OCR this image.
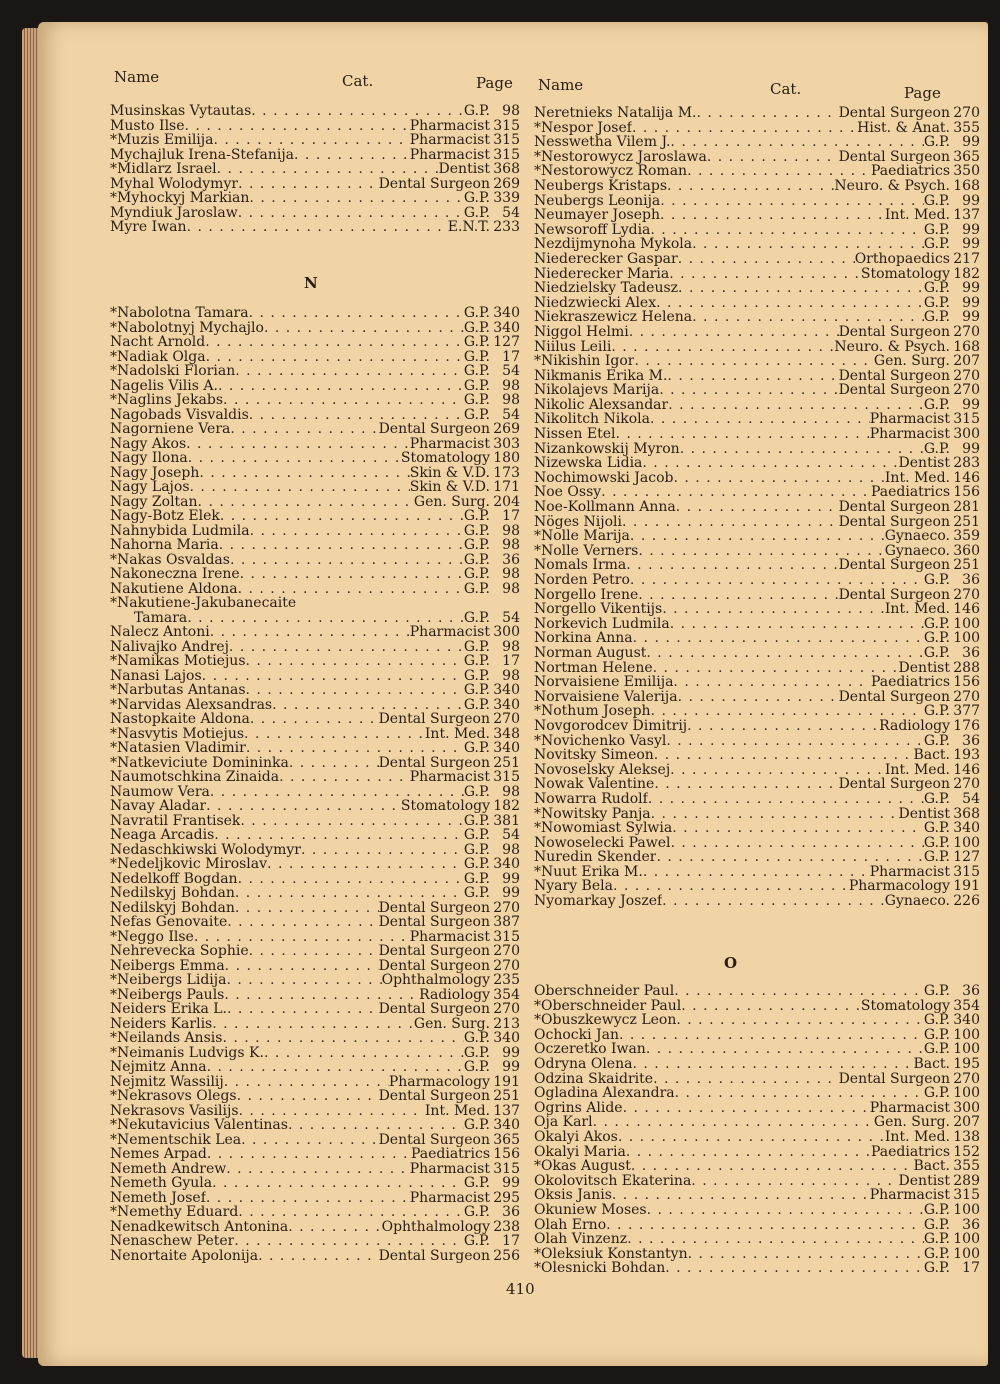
Name	Cat.	Page
Musinskas Vytautas . . .	G.P. 98
Musto Ilse . . .	Pharmacist 315
*Muzis Emilija . . .	Pharmacist 315
Mychajluk Irena-Stefanija . . .	Pharmacist 315
*Midlarz Israel . . .	Dentist 368
Myhal Wolodymyr . . .	Dental Surgeon 269
*Myhockyj Markian . . .	G.P. 339
Myndiuk Jaroslaw . . .	G.P. 54
Myre Iwan . . .	E.N.T. 233
N
*Nabolotna Tamara . . .	G.P. 340
*Nabolotnyj Mychajlo . . .	G.P. 340
Nacht Arnold . . .	G.P. 127
*Nadiak Olga . . .	G.P. 17
*Nadolski Florian . . .	G.P. 54
Nagelis Vilis A. . . .	G.P. 98
*Naglins Jekabs . . .	G.P. 98
Nagobads Visvaldis . . .	G.P. 54
Nagorniene Vera . . .	Dental Surgeon 269
Nagy Akos . . .	Pharmacist 303
Nagy Ilona . . .	Stomatology 180
Nagy Joseph . . .	Skin & V.D. 173
Nagy Lajos . . .	Skin & V.D. 171
Nagy Zoltan . . .	Gen. Surg. 204
Nagy-Botz Elek . . .	G.P. 17
Nahnybida Ludmila . . .	G.P. 98
Nahorna Maria . . .	G.P. 98
*Nakas Osvaldas . . .	G.P. 36
Nakoneczna Irene . . .	G.P. 98
Nakutiene Aldona . . .	G.P. 98
*Nakutiene-Jakubanecaite
Tamara . . .	G.P. 54
Nalecz Antoni . . .	Pharmacist 300
Nalivajko Andrej . . .	G.P. 98
*Namikas Motiejus . . .	G.P. 17
Nanasi Lajos . . .	G.P. 98
*Narbutas Antanas . . .	G.P. 340
*Narvidas Alexsandras . . .	G.P. 340
Nastopkaite Aldona . . .	Dental Surgeon 270
*Nasvytis Motiejus . . .	Int. Med. 348
*Natasien Vladimir . . .	G.P. 340
*Natkeviciute Domininka . . .	Dental Surgeon 251
Naumotschkina Zinaida . . .	Pharmacist 315
Naumow Vera . . .	G.P. 98
Navay Aladar . . .	Stomatology 182
Navratil Frantisek . . .	G.P. 381
Neaga Arcadis . . .	G.P. 54
Nedaschkiwski Wolodymyr . . .	G.P. 98
*Nedeljkovic Miroslav . . .	G.P. 340
Nedelkoff Bogdan . . .	G.P. 99
Nedilskyj Bohdan . . .	G.P. 99
Nedilskyj Bohdan . . .	Dental Surgeon 270
Nefas Genovaite . . .	Dental Surgeon 387
*Neggo Ilse . . .	Pharmacist 315
Nehrevecka Sophie . . .	Dental Surgeon 270
Neibergs Emma . . .	Dental Surgeon 270
*Neibergs Lidija . . .	Ophthalmology 235
*Neibergs Pauls . . .	Radiology 354
Neiders Erika L. . . .	Dental Surgeon 270
Neiders Karlis . . .	Gen. Surg. 213
*Neilands Ansis . . .	G.P. 340
*Neimanis Ludvigs K. . . .	G.P. 99
Nejmitz Anna . . .	G.P. 99
Nejmitz Wassilij . . .	Pharmacology 191
*Nekrasovs Olegs . . .	Dental Surgeon 251
Nekrasovs Vasilijs . . .	Int. Med. 137
*Nekutavicius Valentinas . . .	G.P. 340
*Nementschik Lea . . .	Dental Surgeon 365
Nemes Arpad . . .	Paediatrics 156
Nemeth Andrew . . .	Pharmacist 315
Nemeth Gyula . . .	G.P. 99
Nemeth Josef . . .	Pharmacist 295
*Nemethy Eduard . . .	G.P. 36
Nenadkewitsch Antonina . . .	Ophthalmology 238
Nenaschew Peter . . .	G.P. 17
Nenortaite Apolonija . . .	Dental Surgeon 256
Name	Cat.	Page
Neretnieks Natalija M. . . .	Dental Surgeon 270
*Nespor Josef . . .	Hist. & Anat. 355
Nesswetha Vilem J. . . .	G.P. 99
*Nestorowycz Jaroslawa . . .	Dental Surgeon 365
*Nestorowycz Roman . . .	Paediatrics 350
Neubergs Kristaps . . .	Neuro. & Psych. 168
Neubergs Leonija . . .	G.P. 99
Neumayer Joseph . . .	Int. Med. 137
Newsoroff Lydia . . .	G.P. 99
Nezdijmynoha Mykola . . .	G.P. 99
Niederecker Gaspar . . .	Orthopaedics 217
Niederecker Maria . . .	Stomatology 182
Niedzielsky Tadeusz . . .	G.P. 99
Niedzwiecki Alex . . .	G.P. 99
Niekraszewicz Helena . . .	G.P. 99
Niggol Helmi . . .	Dental Surgeon 270
Niilus Leili . . .	Neuro. & Psych. 168
*Nikishin Igor . . .	Gen. Surg. 207
Nikmanis Erika M. . . .	Dental Surgeon 270
Nikolajevs Marija . . .	Dental Surgeon 270
Nikolic Alexsandar . . .	G.P. 99
Nikolitch Nikola . . .	Pharmacist 315
Nissen Etel . . .	Pharmacist 300
Nizankowskij Myron . . .	G.P. 99
Nizewska Lidia . . .	Dentist 283
Nochimowski Jacob . . .	Int. Med. 146
Noe Ossy . . .	Paediatrics 156
Noe-Kollmann Anna . . .	Dental Surgeon 281
Nöges Nijoli . . .	Dental Surgeon 251
*Nolle Marija . . .	Gynaeco. 359
*Nolle Verners . . .	Gynaeco. 360
Nomals Irma . . .	Dental Surgeon 251
Norden Petro . . .	G.P. 36
Norgello Irene . . .	Dental Surgeon 270
Norgello Vikentijs . . .	Int. Med. 146
Norkevich Ludmila . . .	G.P. 100
Norkina Anna . . .	G.P. 100
Norman August . . .	G.P. 36
Nortman Helene . . .	Dentist 288
Norvaisiene Emilija . . .	Paediatrics 156
Norvaisiene Valerija . . .	Dental Surgeon 270
*Nothum Joseph . . .	G.P. 377
Novgorodcev Dimitrij . . .	Radiology 176
*Novichenko Vasyl . . .	G.P. 36
Novitsky Simeon . . .	Bact. 193
Novoselsky Aleksej . . .	Int. Med. 146
Nowak Valentine . . .	Dental Surgeon 270
Nowarra Rudolf . . .	G.P. 54
*Nowitsky Panja . . .	Dentist 368
*Nowomiast Sylwia . . .	G.P. 340
Nowoselecki Pawel . . .	G.P. 100
Nuredin Skender . . .	G.P. 127
*Nuut Erika M. . . .	Pharmacist 315
Nyary Bela . . .	Pharmacology 191
Nyomarkay Joszef . . .	Gynaeco. 226
O
Oberschneider Paul . . .	G.P. 36
*Oberschneider Paul . . .	Stomatology 354
*Obuszkewycz Leon . . .	G.P. 340
Ochocki Jan . . .	G.P. 100
Oczeretko Iwan . . .	G.P. 100
Odryna Olena . . .	Bact. 195
Odzina Skaidrite . . .	Dental Surgeon 270
Ogladina Alexandra . . .	G.P. 100
Ogrins Alide . . .	Pharmacist 300
Oja Karl . . .	Gen. Surg. 207
Okalyi Akos . . .	Int. Med. 138
Okalyi Maria . . .	Paediatrics 152
*Okas August . . .	Bact. 355
Okolovitsch Ekaterina . . .	Dentist 289
Oksis Janis . . .	Pharmacist 315
Okuniew Moses . . .	G.P. 100
Olah Erno . . .	G.P. 36
Olah Vinzenz . . .	G.P. 100
*Oleksiuk Konstantyn . . .	G.P. 100
*Olesnicki Bohdan . . .	G.P. 17
410
